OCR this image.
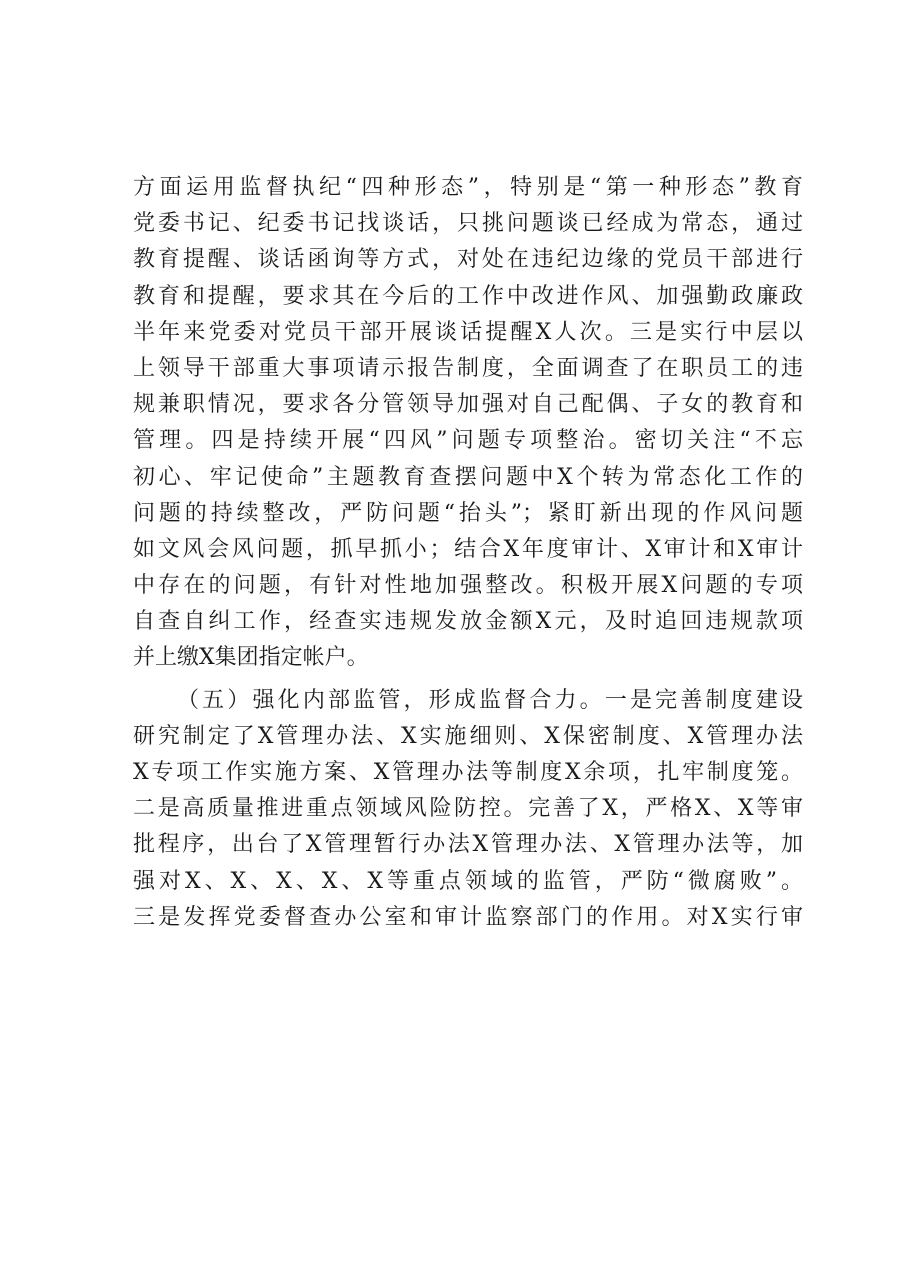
方面运用监督执纪“四种形态”，特别是“第一种形态”教育
党委书记、纪委书记找谈话，只挑问题谈已经成为常态，通过
教育提醒、谈话函询等方式，对处在违纪边缘的党员干部进行
教育和提醒，要求其在今后的工作中改进作风、加强勤政廉政
半年来党委对党员干部开展谈话提醒X人次。三是实行中层以
上领导干部重大事项请示报告制度，全面调查了在职员工的违
规兼职情况，要求各分管领导加强对自己配偶、子女的教育和
管理。四是持续开展“四风”问题专项整治。密切关注“不忘
初心、牢记使命”主题教育查摆问题中X个转为常态化工作的
问题的持续整改，严防问题“抬头”；紧盯新出现的作风问题
如文风会风问题，抓早抓小；结合X年度审计、X审计和X审计
中存在的问题，有针对性地加强整改。积极开展X问题的专项
自查自纠工作，经查实违规发放金额X元，及时追回违规款项
并上缴X集团指定帐户。
（五）强化内部监管，形成监督合力。一是完善制度建设
研究制定了X管理办法、X实施细则、X保密制度、X管理办法
X专项工作实施方案、X管理办法等制度X余项，扎牢制度笼。
二是高质量推进重点领域风险防控。完善了X，严格X、X等审
批程序，出台了X管理暂行办法X管理办法、X管理办法等，加
强对X、X、X、X、X等重点领域的监管，严防“微腐败”。
三是发挥党委督查办公室和审计监察部门的作用。对X实行审
